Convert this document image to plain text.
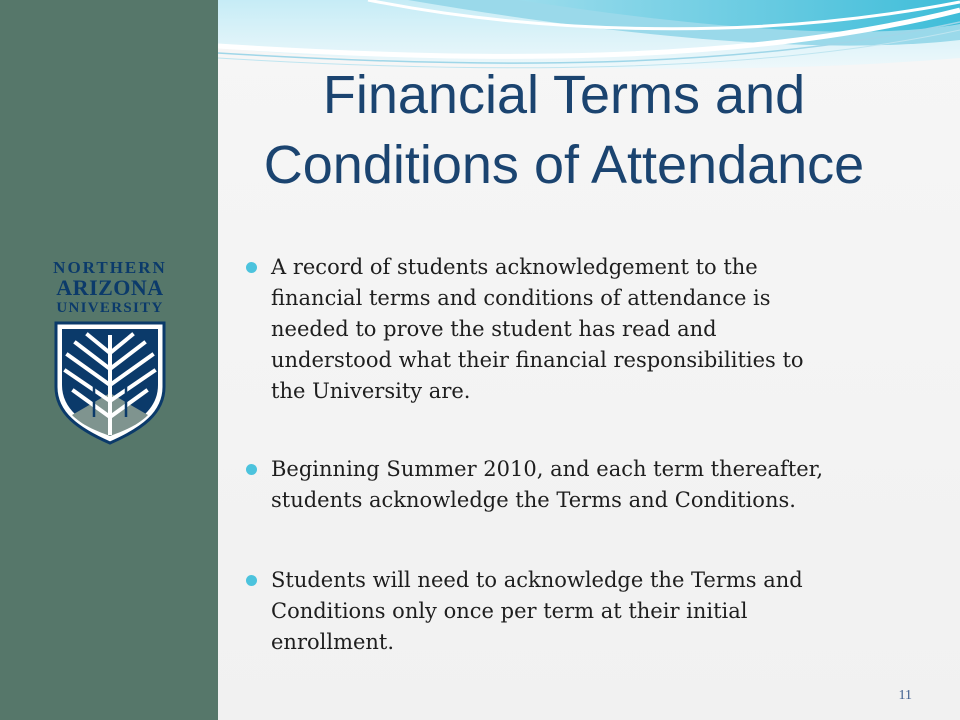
NORTHERN
ARIZONA
UNIVERSITY
Financial Terms and
Conditions of Attendance
A record of students acknowledgement to the
financial terms and conditions of attendance is
needed to prove the student has read and
understood what their financial responsibilities to
the University are.
Beginning Summer 2010, and each term thereafter,
students acknowledge the Terms and Conditions.
Students will need to acknowledge the Terms and
Conditions only once per term at their initial
enrollment.
11
